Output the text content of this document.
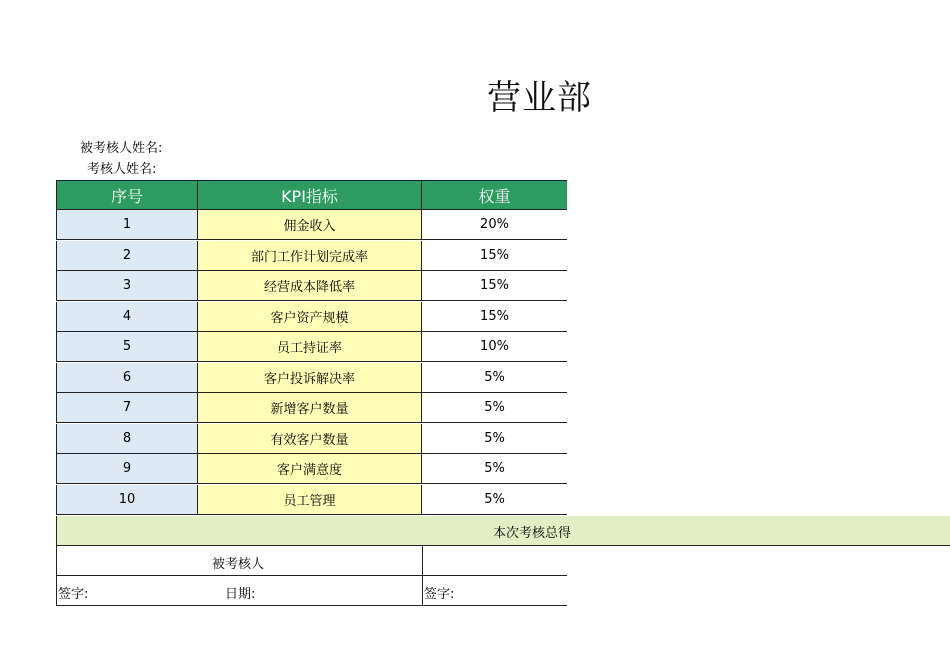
营业部
被考核人姓名:
考核人姓名:
序号	KPI指标	权重
1	佣金收入	20%
2	部门工作计划完成率	15%
3	经营成本降低率	15%
4	客户资产规模	15%
5	员工持证率	10%
6	客户投诉解决率	5%
7	新增客户数量	5%
8	有效客户数量	5%
9	客户满意度	5%
10	员工管理	5%
本次考核总得
被考核人
签字:	日期:	签字:
